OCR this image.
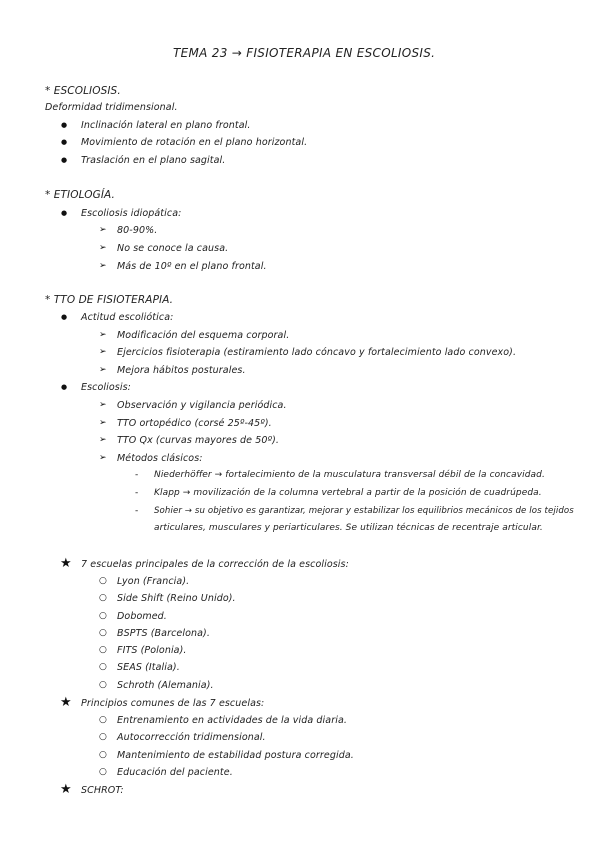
TEMA 23 → FISIOTERAPIA EN ESCOLIOSIS.
* ESCOLIOSIS.
Deformidad tridimensional.
● Inclinación lateral en plano frontal.
● Movimiento de rotación en el plano horizontal.
● Traslación en el plano sagital.
* ETIOLOGÍA.
● Escoliosis idiopática:
➢ 80-90%.
➢ No se conoce la causa.
➢ Más de 10º en el plano frontal.
* TTO DE FISIOTERAPIA.
● Actitud escolióticа:
➢ Modificación del esquema corporal.
➢ Ejercicios fisioterapia (estiramiento lado cóncavo y fortalecimiento lado convexo).
➢ Mejora hábitos posturales.
● Escoliosis:
➢ Observación y vigilancia periódica.
➢ TTO ortopédico (corsé 25º-45º).
➢ TTO Qx (curvas mayores de 50º).
➢ Métodos clásicos:
- Niederhöffer → fortalecimiento de la musculatura transversal débil de la concavidad.
- Klapp → movilización de la columna vertebral a partir de la posición de cuadrúpeda.
- Sohier → su objetivo es garantizar, mejorar y estabilizar los equilibrios mecánicos de los tejidos
articulares, musculares y periarticulares. Se utilizan técnicas de recentraje articular.
★ 7 escuelas principales de la corrección de la escoliosis:
○ Lyon (Francia).
○ Side Shift (Reino Unido).
○ Dobomed.
○ BSPTS (Barcelona).
○ FITS (Polonia).
○ SEAS (Italia).
○ Schroth (Alemania).
★ Principios comunes de las 7 escuelas:
○ Entrenamiento en actividades de la vida diaria.
○ Autocorrección tridimensional.
○ Mantenimiento de estabilidad postura corregida.
○ Educación del paciente.
★ SCHROT:
